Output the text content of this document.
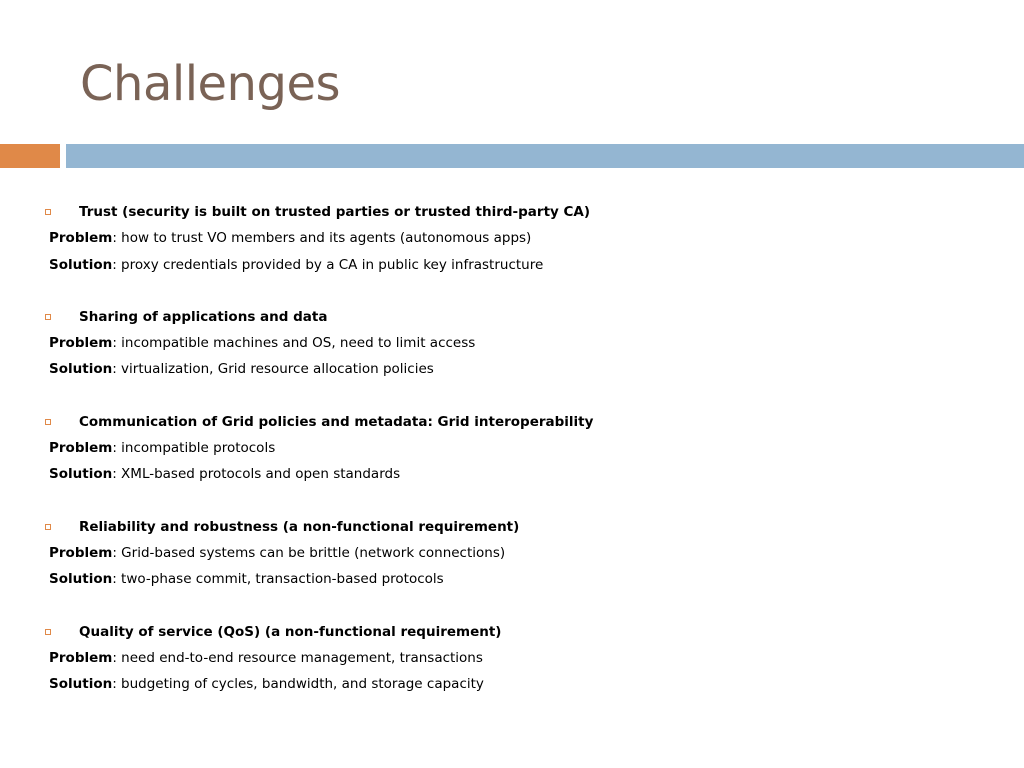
Challenges
Trust (security is built on trusted parties or trusted third-party CA)
Problem: how to trust VO members and its agents (autonomous apps)
Solution: proxy credentials provided by a CA in public key infrastructure
Sharing of applications and data
Problem: incompatible machines and OS, need to limit access
Solution: virtualization, Grid resource allocation policies
Communication of Grid policies and metadata: Grid interoperability
Problem: incompatible protocols
Solution: XML-based protocols and open standards
Reliability and robustness (a non-functional requirement)
Problem: Grid-based systems can be brittle (network connections)
Solution: two-phase commit, transaction-based protocols
Quality of service (QoS) (a non-functional requirement)
Problem: need end-to-end resource management, transactions
Solution: budgeting of cycles, bandwidth, and storage capacity
